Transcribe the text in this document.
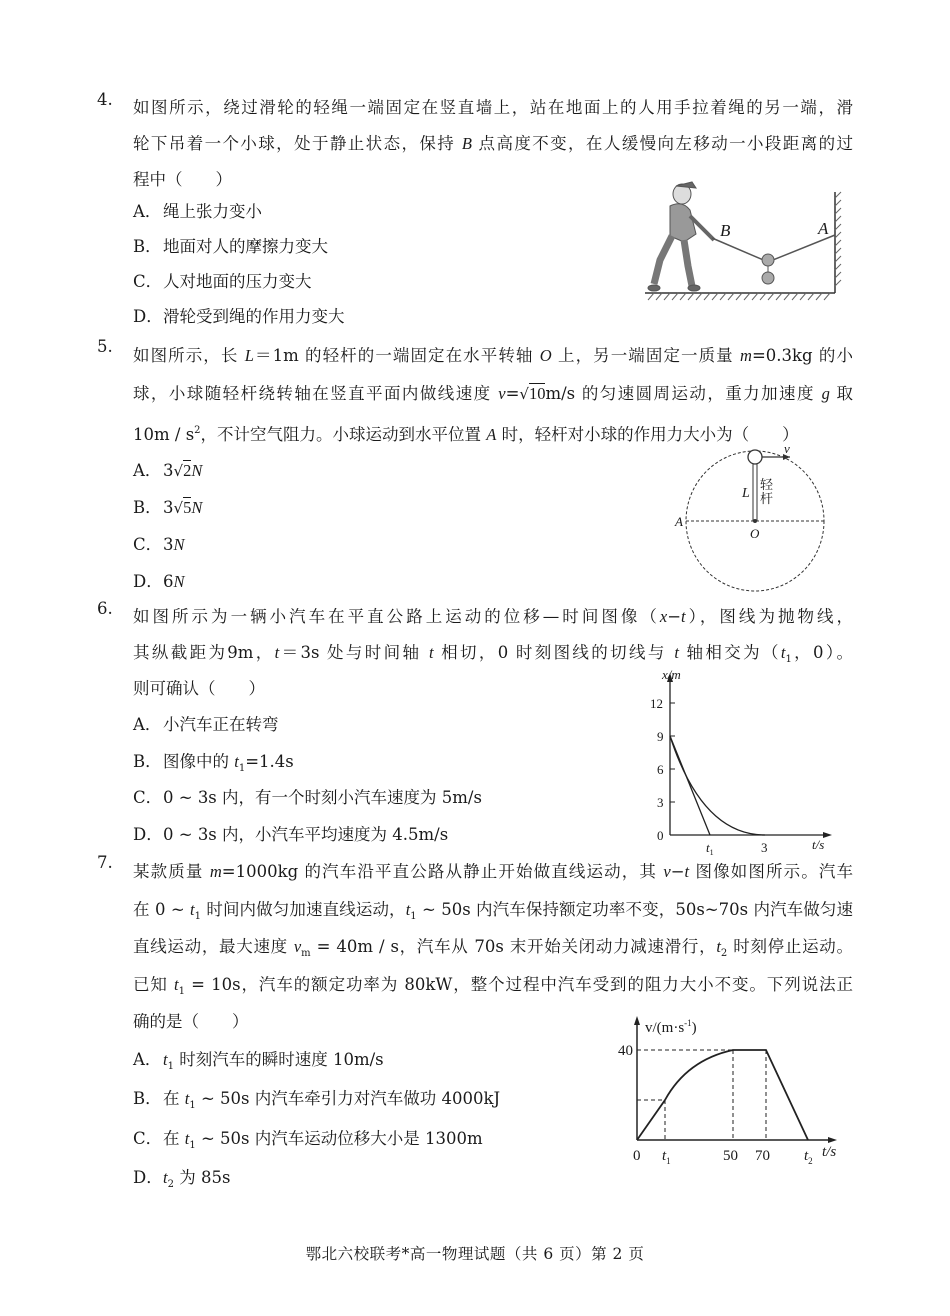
4.	如图所示，绕过滑轮的轻绳一端固定在竖直墙上，站在地面上的人用手拉着绳的另一端，滑
轮下吊着一个小球，处于静止状态，保持 B 点高度不变，在人缓慢向左移动一小段距离的过
程中（　　）
A．绳上张力变小
B．地面对人的摩擦力变大
C．人对地面的压力变大
D．滑轮受到绳的作用力变大
5.	如图所示，长 L＝1m 的轻杆的一端固定在水平转轴 O 上，另一端固定一质量 m=0.3kg 的小
球，小球随轻杆绕转轴在竖直平面内做线速度 v=√10m/s 的匀速圆周运动，重力加速度 g 取
$10m / s^2$，不计空气阻力。小球运动到水平位置 A 时，轻杆对小球的作用力大小为（　　）
A．3√2N
B．3√5N
C．3N
D．6N
6.	如图所示为一辆小汽车在平直公路上运动的位移—时间图像（x−t），图线为抛物线，
其纵截距为9m，t＝3s 处与时间轴 t 相切，0 时刻图线的切线与 t 轴相交为（$t_1$，0）。
则可确认（　　）
A．小汽车正在转弯
B．图像中的 $t_1=1.4s$
C．0 ~ 3s 内，有一个时刻小汽车速度为 5m/s
D．0 ~ 3s 内，小汽车平均速度为 4.5m/s
7.	某款质量 m=1000kg 的汽车沿平直公路从静止开始做直线运动，其 v−t 图像如图所示。汽车
在 0 ~ $t_1$ 时间内做匀加速直线运动，$t_1$ ~ 50s 内汽车保持额定功率不变，50s~70s 内汽车做匀速
直线运动，最大速度 $v_m = 40m / s$，汽车从 70s 末开始关闭动力减速滑行，$t_2$ 时刻停止运动。
已知 $t_1 = 10s$，汽车的额定功率为 80kW，整个过程中汽车受到的阻力大小不变。下列说法正
确的是（　　）
A．$t_1$ 时刻汽车的瞬时速度 10m/s
B．在 $t_1$ ~ 50s 内汽车牵引力对汽车做功 4000kJ
C．在 $t_1$ ~ 50s 内汽车运动位移大小是 1300m
D．$t_2$ 为 85s
B	A
v
L
轻
杆
A
O
x/m
12
9
6
3
0
$t_1$	3	t/s
$v/(m\cdot s^{-1})$
40
0 $t_1$	50 70 $t_2$
t/s
鄂北六校联考*高一物理试题（共 6 页）第 2 页
